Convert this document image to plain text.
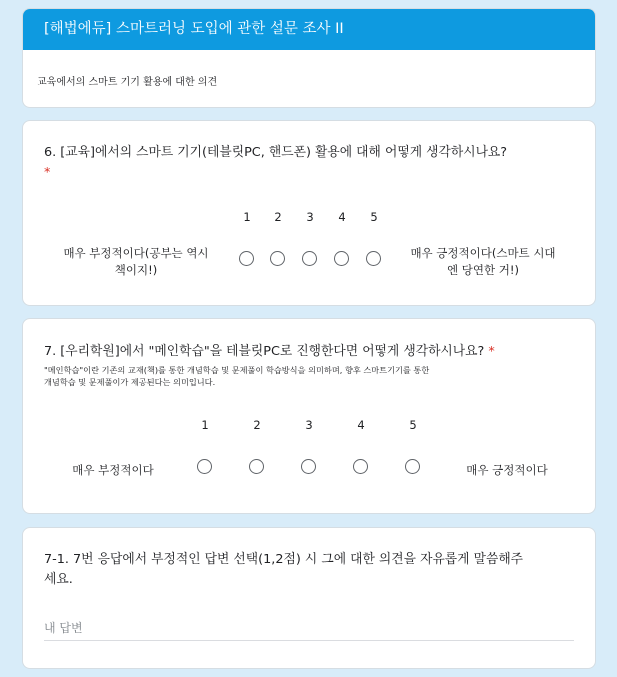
[해법에듀] 스마트러닝 도입에 관한 설문 조사 II
교육에서의 스마트 기기 활용에 대한 의견
6. [교육]에서의 스마트 기기(테블릿PC, 핸드폰) 활용에 대해 어떻게 생각하시나요?
*
1	2	3	4	5
매우 부정적이다(공부는 역시
책이지!)
매우 긍정적이다(스마트 시대
엔 당연한 거!)
7. [우리학원]에서 "메인학습"을 테블릿PC로 진행한다면 어떻게 생각하시나요? *
"메인학습"이란 기존의 교재(책)를 통한 개념학습 및 문제풀이 학습방식을 의미하며, 향후 스마트기기를 통한
개념학습 및 문제풀이가 제공된다는 의미입니다.
1	2	3	4	5
매우 부정적이다	매우 긍정적이다
7-1. 7번 응답에서 부정적인 답변 선택(1,2점) 시 그에 대한 의견을 자유롭게 말씀해주
세요.
내 답변
